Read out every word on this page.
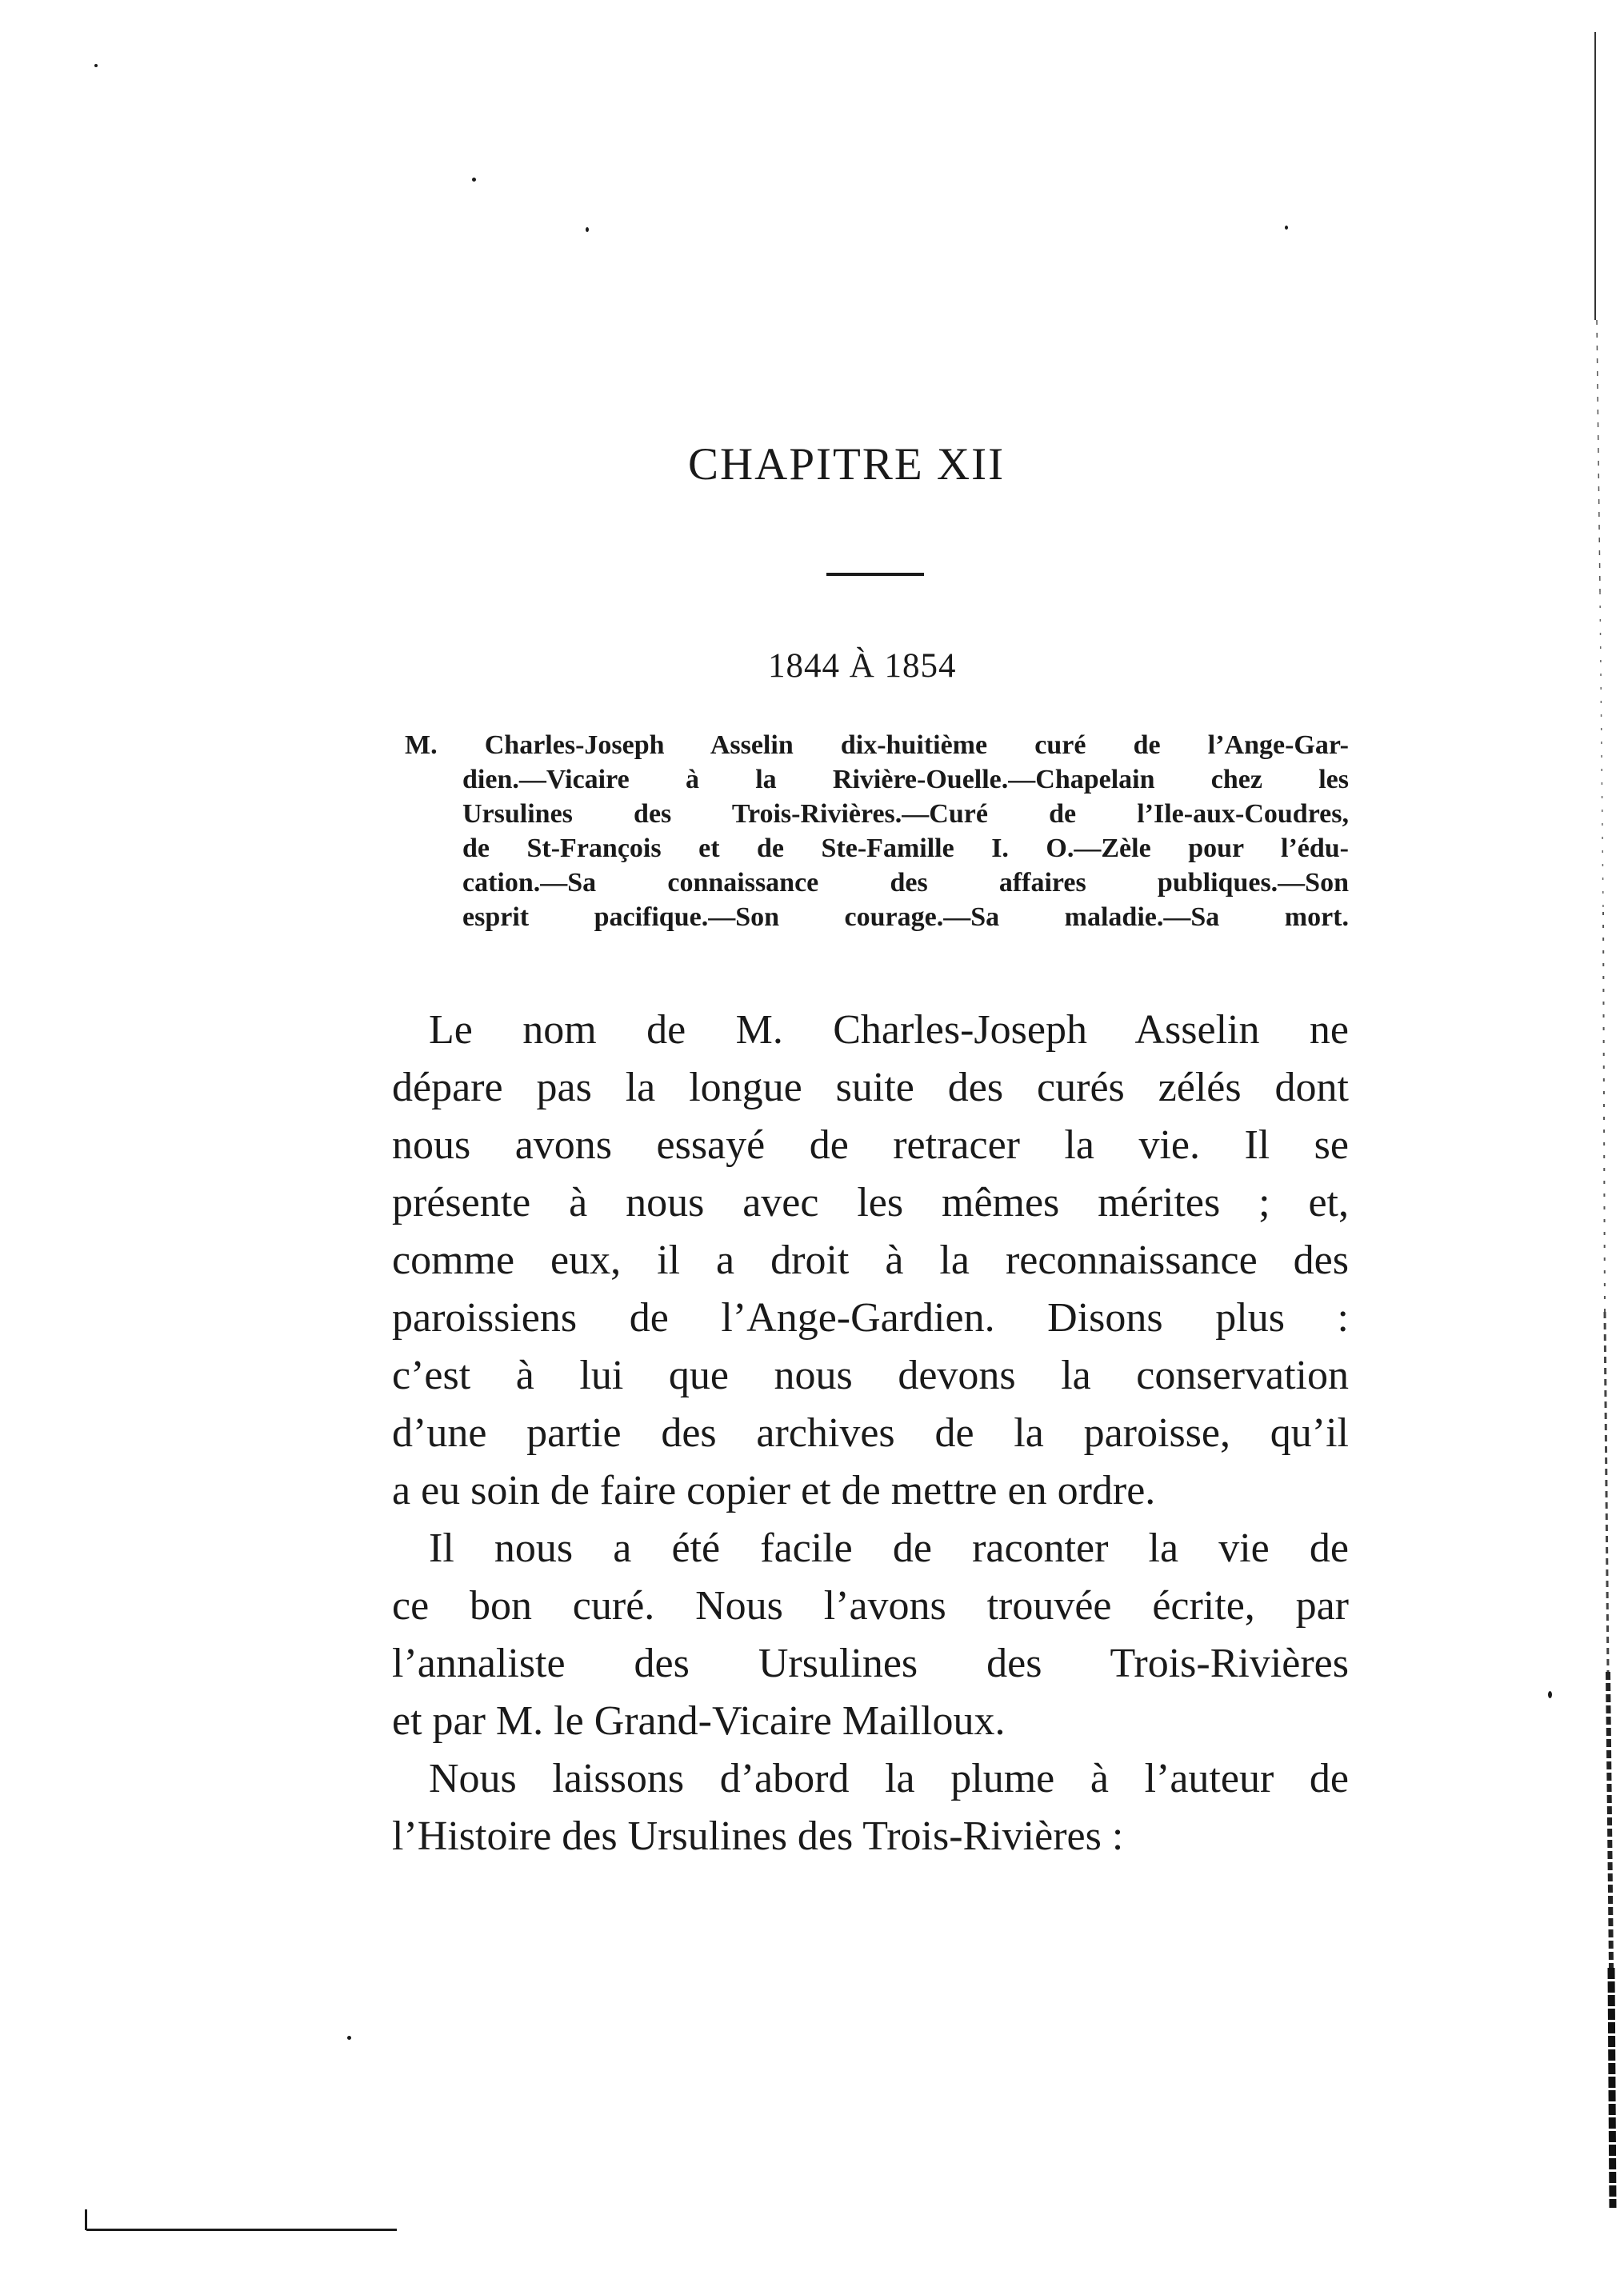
CHAPITRE XII
1844 À 1854
M. Charles-Joseph Asselin dix-huitième curé de l’Ange-Gar-
dien.—Vicaire à la Rivière-Ouelle.—Chapelain chez les
Ursulines des Trois-Rivières.—Curé de l’Ile-aux-Coudres,
de St-François et de Ste-Famille I. O.—Zèle pour l’édu-
cation.—Sa connaissance des affaires publiques.—Son
esprit pacifique.—Son courage.—Sa maladie.—Sa mort.
Le nom de M. Charles-Joseph Asselin ne
dépare pas la longue suite des curés zélés dont
nous avons essayé de retracer la vie. Il se
présente à nous avec les mêmes mérites ; et,
comme eux, il a droit à la reconnaissance des
paroissiens de l’Ange-Gardien. Disons plus :
c’est à lui que nous devons la conservation
d’une partie des archives de la paroisse, qu’il
a eu soin de faire copier et de mettre en ordre.
Il nous a été facile de raconter la vie de
ce bon curé. Nous l’avons trouvée écrite, par
l’annaliste des Ursulines des Trois-Rivières
et par M. le Grand-Vicaire Mailloux.
Nous laissons d’abord la plume à l’auteur de
l’Histoire des Ursulines des Trois-Rivières :
